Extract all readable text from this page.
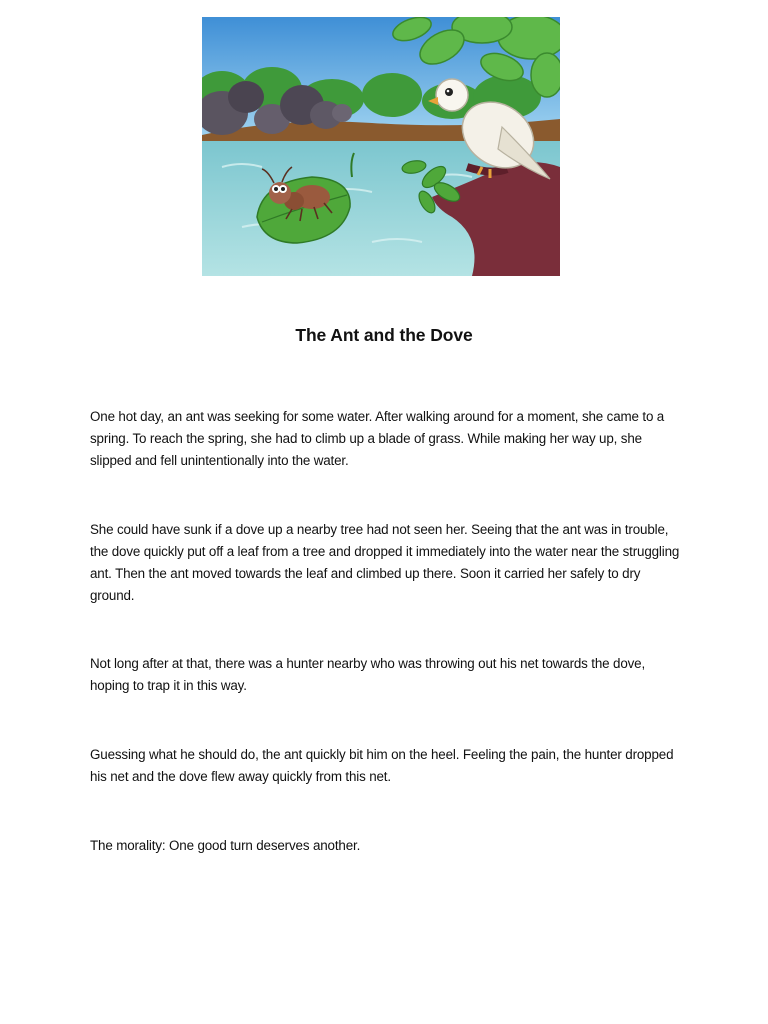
The Ant and the Dove

One hot day, an ant was seeking for some water. After walking around for a moment, she came to a spring. To reach the spring, she had to climb up a blade of grass. While making her way up, she slipped and fell unintentionally into the water.

She could have sunk if a dove up a nearby tree had not seen her. Seeing that the ant was in trouble, the dove quickly put off a leaf from a tree and dropped it immediately into the water near the struggling ant. Then the ant moved towards the leaf and climbed up there. Soon it carried her safely to dry ground.

Not long after at that, there was a hunter nearby who was throwing out his net towards the dove, hoping to trap it in this way.

Guessing what he should do, the ant quickly bit him on the heel. Feeling the pain, the hunter dropped his net and the dove flew away quickly from this net.

The morality: One good turn deserves another.
